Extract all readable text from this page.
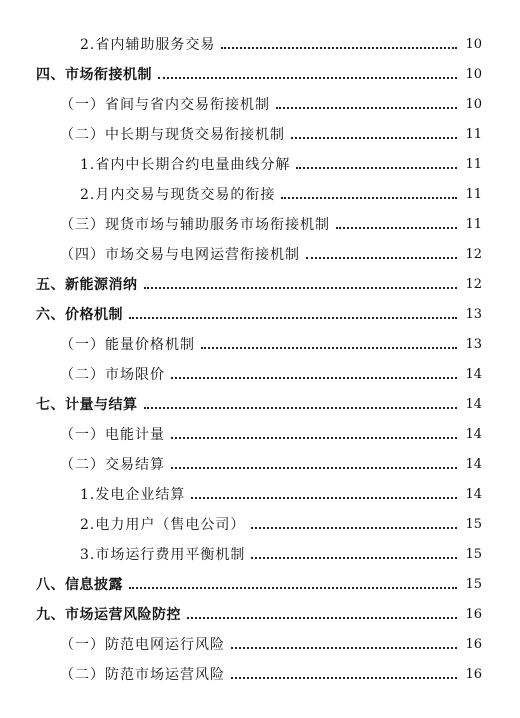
2.省内辅助服务交易	10
四、市场衔接机制	10
（一）省间与省内交易衔接机制	10
（二）中长期与现货交易衔接机制	11
1.省内中长期合约电量曲线分解	11
2.月内交易与现货交易的衔接	11
（三）现货市场与辅助服务市场衔接机制	11
（四）市场交易与电网运营衔接机制	12
五、新能源消纳	12
六、价格机制	13
（一）能量价格机制	13
（二）市场限价	14
七、计量与结算	14
（一）电能计量	14
（二）交易结算	14
1.发电企业结算	14
2.电力用户（售电公司）	15
3.市场运行费用平衡机制	15
八、信息披露	15
九、市场运营风险防控	16
（一）防范电网运行风险	16
（二）防范市场运营风险	16
